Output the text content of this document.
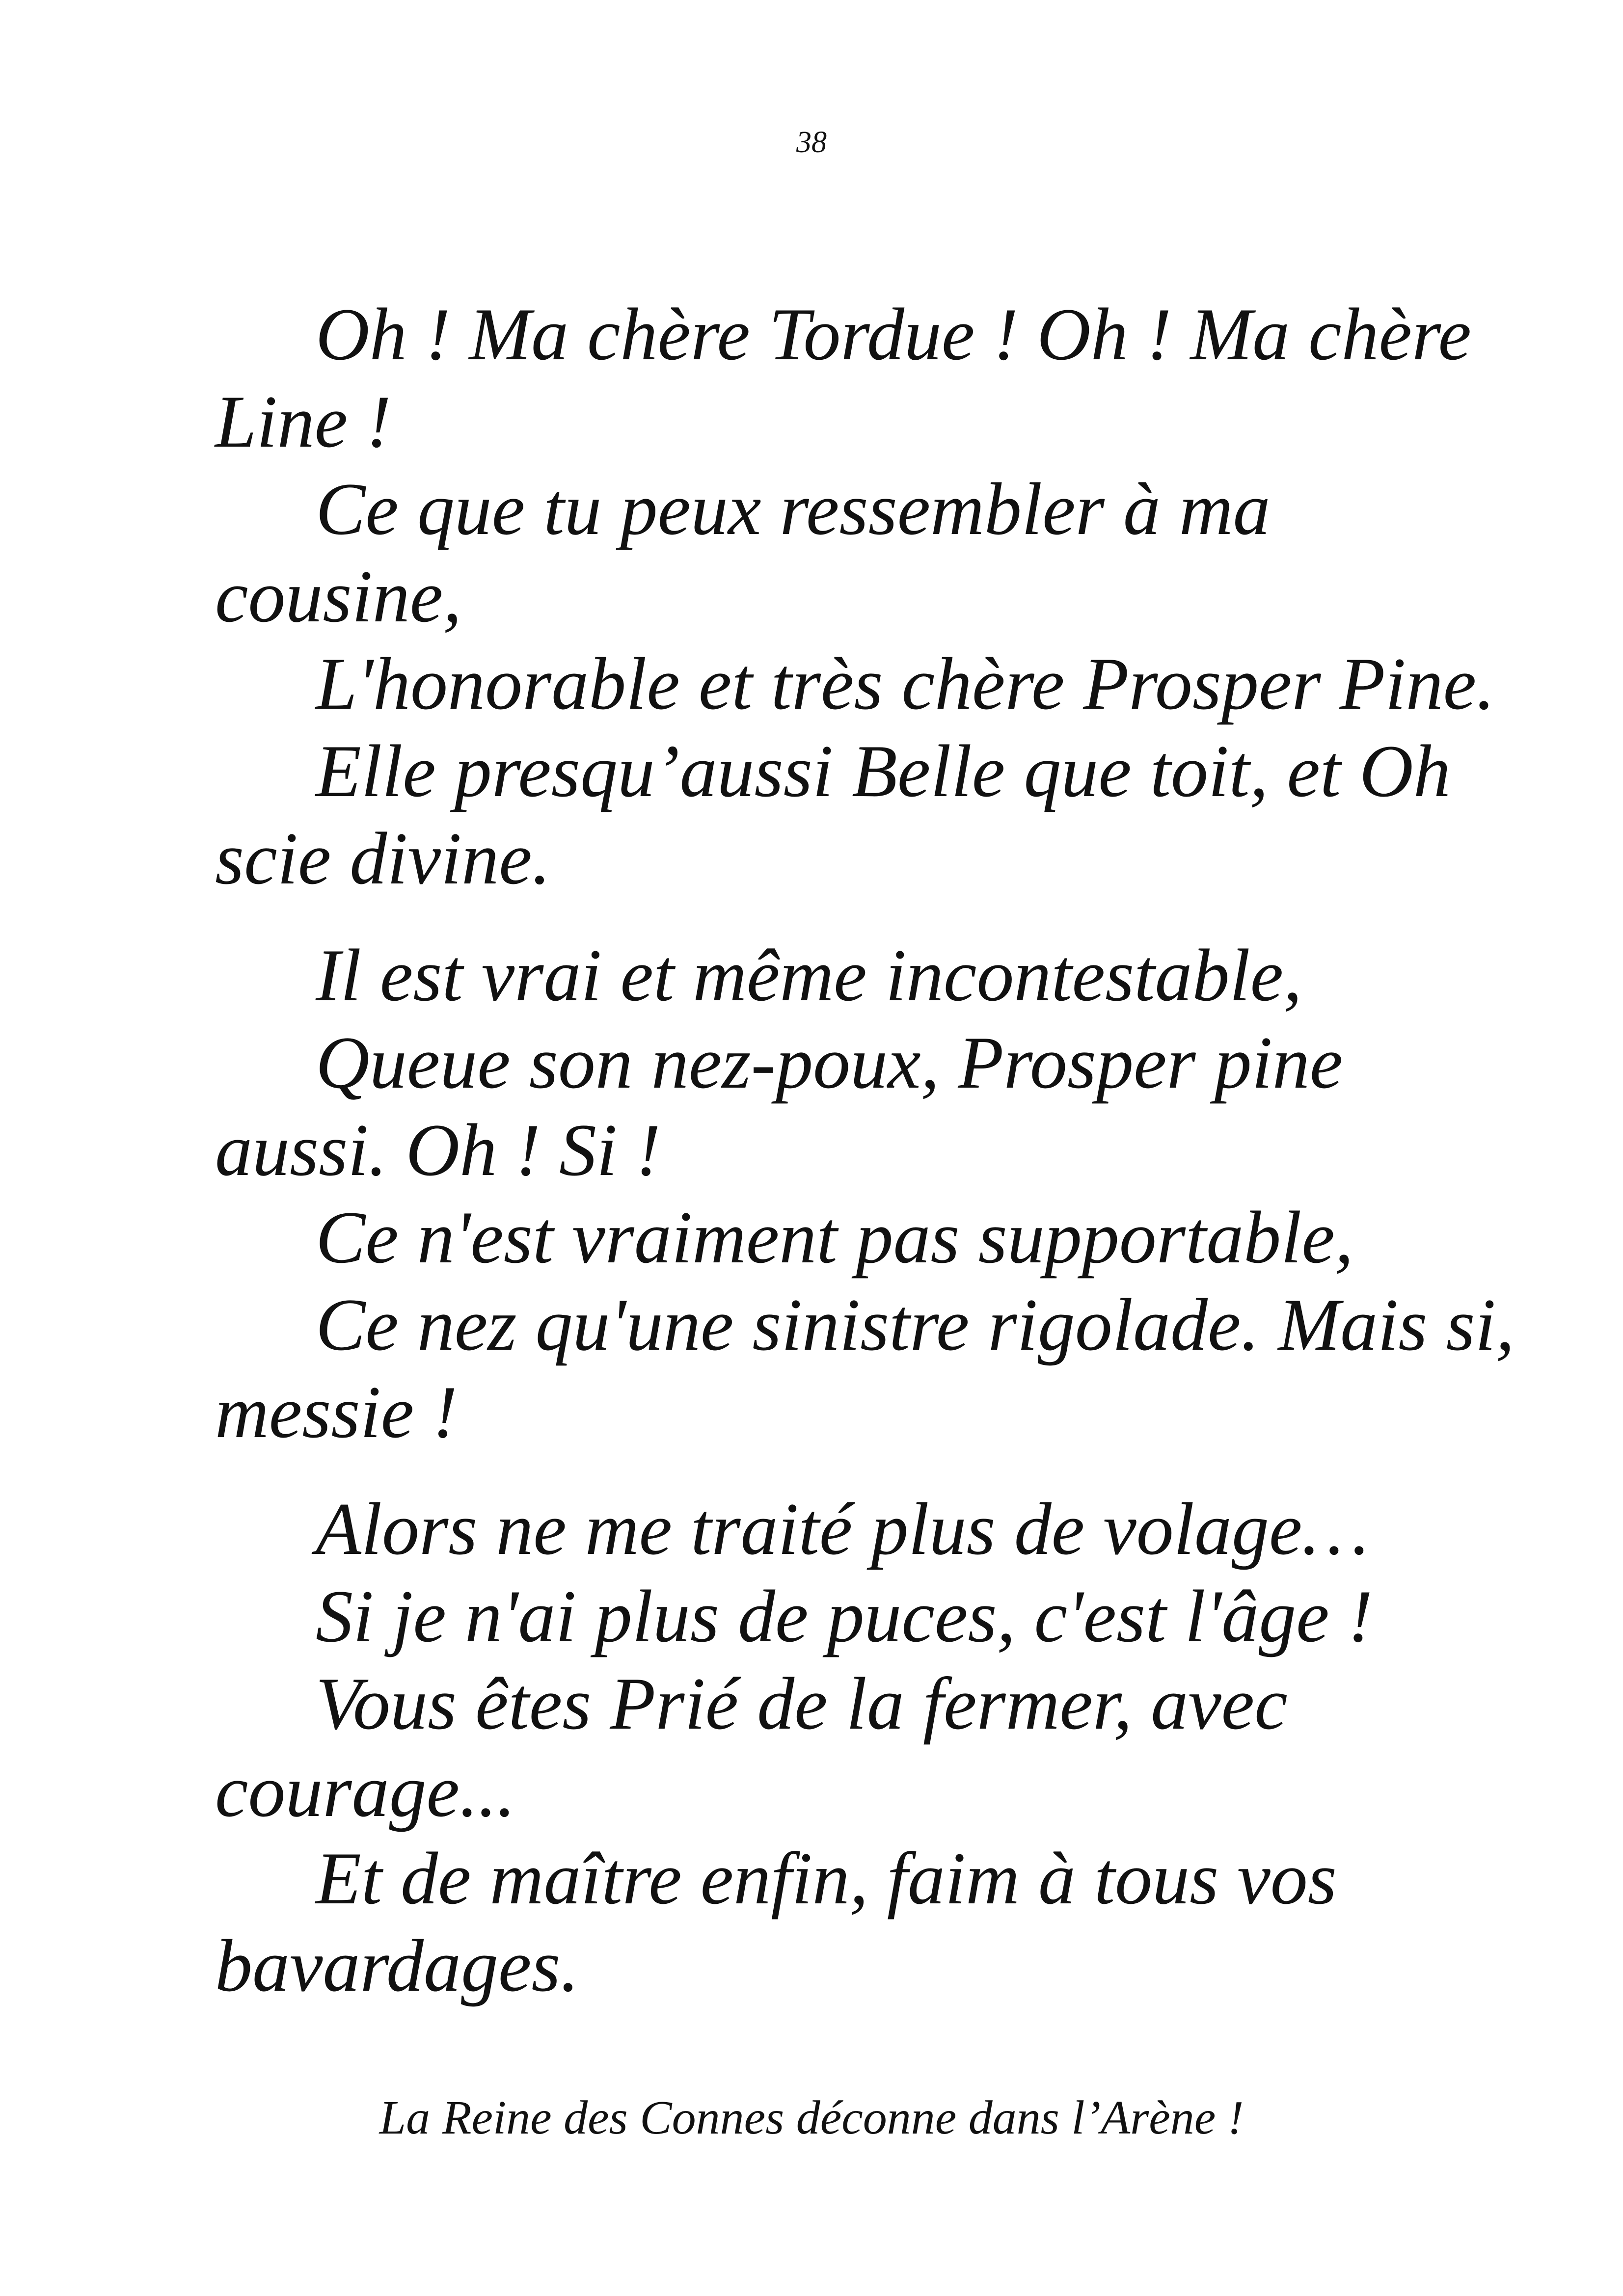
38
Oh ! Ma chère Tordue ! Oh ! Ma chère Line !
Ce que tu peux ressembler à ma cousine,
L'honorable et très chère Prosper Pine.
Elle presqu’aussi Belle que toit, et Oh scie divine.
Il est vrai et même incontestable,
Queue son nez-poux, Prosper pine aussi. Oh ! Si !
Ce n'est vraiment pas supportable,
Ce nez qu'une sinistre rigolade. Mais si, messie !
Alors ne me traité plus de volage…
Si je n'ai plus de puces, c'est l'âge !
Vous êtes Prié de la fermer, avec courage...
Et de maître enfin, faim à tous vos bavardages.
La Reine des Connes déconne dans l’Arène !
